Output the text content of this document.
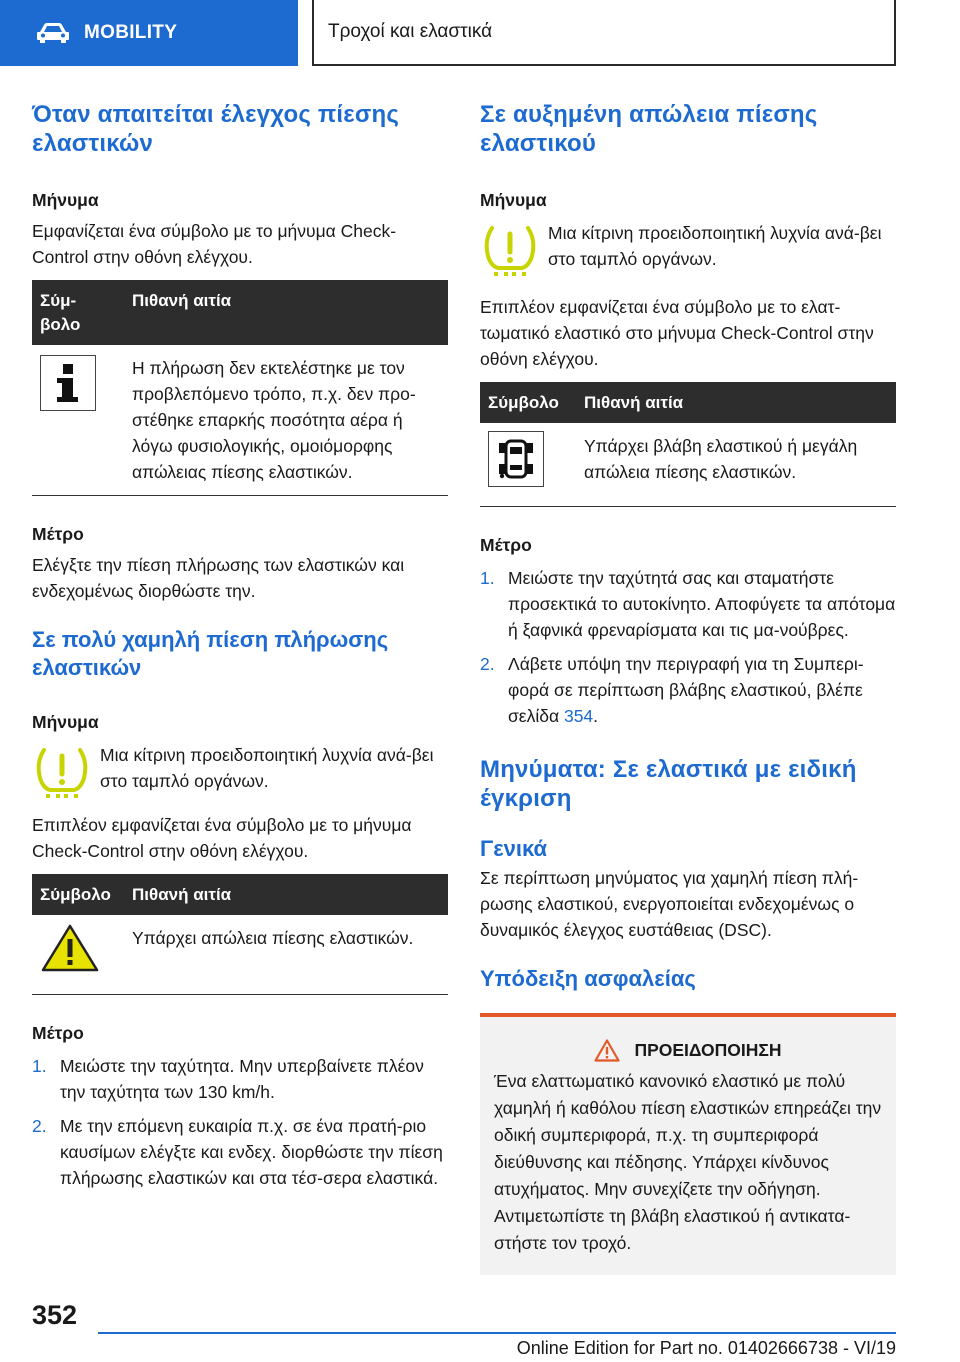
MOBILITY	Τροχοί και ελαστικά
Όταν απαιτείται έλεγχος πίεσης ελαστικών
Μήνυμα

Εμφανίζεται ένα σύμβολο με το μήνυμα Check-Control στην οθόνη ελέγχου.

Σύμ-βολο	Πιθανή αιτία
	Η πλήρωση δεν εκτελέστηκε με τον προβλεπόμενο τρόπο, π.χ. δεν προ-στέθηκε επαρκής ποσότητα αέρα ή λόγω φυσιολογικής, ομοιόμορφης απώλειας πίεσης ελαστικών.
Μέτρο

Ελέγξτε την πίεση πλήρωσης των ελαστικών και ενδεχομένως διορθώστε την.

Σε πολύ χαμηλή πίεση πλήρωσης ελαστικών
Μήνυμα
Μια κίτρινη προειδοποιητική λυχνία ανά-βει στο ταμπλό οργάνων.

Επιπλέον εμφανίζεται ένα σύμβολο με το μήνυμα Check-Control στην οθόνη ελέγχου.

Σύμβολο	Πιθανή αιτία
	Υπάρχει απώλεια πίεσης ελαστικών.
Μέτρο
1. Μειώστε την ταχύτητα. Μην υπερβαίνετε πλέον την ταχύτητα των 130 km/h.
2. Με την επόμενη ευκαιρία π.χ. σε ένα πρατή-ριο καυσίμων ελέγξτε και ενδεχ. διορθώστε την πίεση πλήρωσης ελαστικών και στα τέσ-σερα ελαστικά.
Σε αυξημένη απώλεια πίεσης ελαστικού
Μήνυμα
Μια κίτρινη προειδοποιητική λυχνία ανά-βει στο ταμπλό οργάνων.

Επιπλέον εμφανίζεται ένα σύμβολο με το ελατ-τωματικό ελαστικό στο μήνυμα Check-Control στην οθόνη ελέγχου.

Σύμβολο	Πιθανή αιτία
	Υπάρχει βλάβη ελαστικού ή μεγάλη απώλεια πίεσης ελαστικών.
Μέτρο
1. Μειώστε την ταχύτητά σας και σταματήστε προσεκτικά το αυτοκίνητο. Αποφύγετε τα απότομα ή ξαφνικά φρεναρίσματα και τις μα-νούβρες.
2. Λάβετε υπόψη την περιγραφή για τη Συμπερι-φορά σε περίπτωση βλάβης ελαστικού, βλέπε σελίδα 354.
Μηνύματα: Σε ελαστικά με ειδική έγκριση
Γενικά

Σε περίπτωση μηνύματος για χαμηλή πίεση πλή-ρωσης ελαστικού, ενεργοποιείται ενδεχομένως ο δυναμικός έλεγχος ευστάθειας (DSC).

Υπόδειξη ασφαλείας
ΠΡΟΕΙΔΟΠΟΙΗΣΗ

Ένα ελαττωματικό κανονικό ελαστικό με πολύ χαμηλή ή καθόλου πίεση ελαστικών επηρεάζει την οδική συμπεριφορά, π.χ. τη συμπεριφορά διεύθυνσης και πέδησης. Υπάρχει κίνδυνος ατυχήματος. Μην συνεχίζετε την οδήγηση. Αντιμετωπίστε τη βλάβη ελαστικού ή αντικατα-στήστε τον τροχό.

352
Online Edition for Part no. 01402666738 - VI/19
